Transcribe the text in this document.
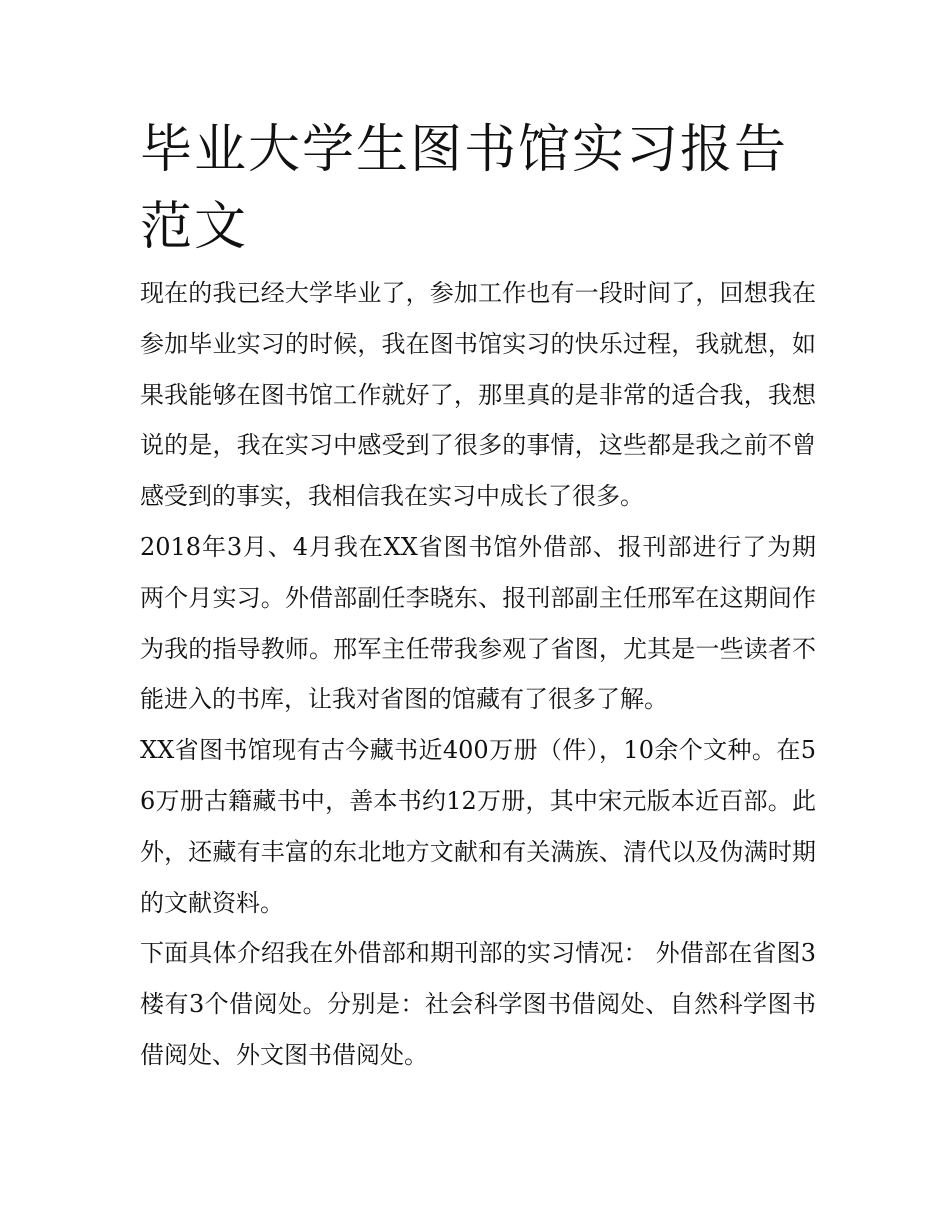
毕业大学生图书馆实习报告范文

现在的我已经大学毕业了，参加工作也有一段时间了，回想我在参加毕业实习的时候，我在图书馆实习的快乐过程，我就想，如果我能够在图书馆工作就好了，那里真的是非常的适合我，我想说的是，我在实习中感受到了很多的事情，这些都是我之前不曾感受到的事实，我相信我在实习中成长了很多。

2018年3月、4月我在XX省图书馆外借部、报刊部进行了为期两个月实习。外借部副任李晓东、报刊部副主任邢军在这期间作为我的指导教师。邢军主任带我参观了省图，尤其是一些读者不能进入的书库，让我对省图的馆藏有了很多了解。

XX省图书馆现有古今藏书近400万册（件），10余个文种。在56万册古籍藏书中，善本书约12万册，其中宋元版本近百部。此外，还藏有丰富的东北地方文献和有关满族、清代以及伪满时期的文献资料。

下面具体介绍我在外借部和期刊部的实习情况： 外借部在省图3楼有3个借阅处。分别是：社会科学图书借阅处、自然科学图书借阅处、外文图书借阅处。
